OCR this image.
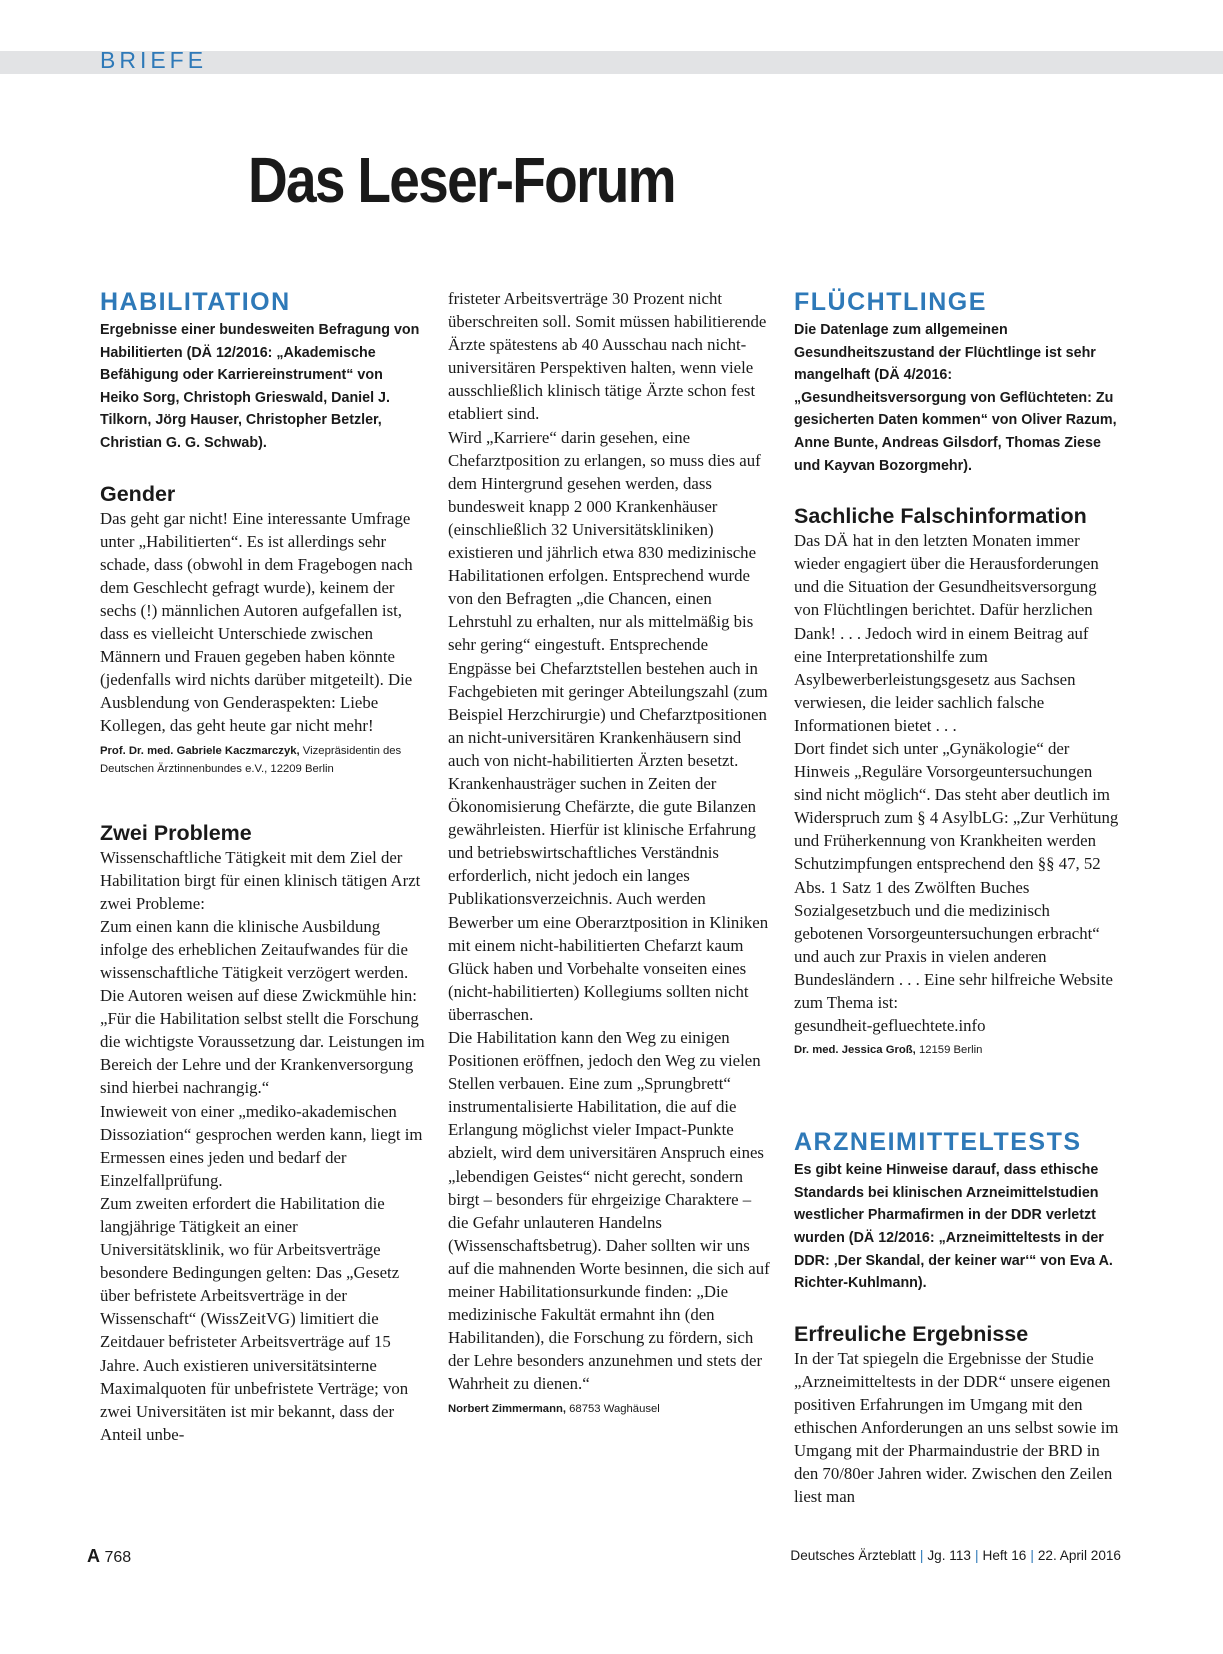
BRIEFE
Das Leser-Forum
HABILITATION

Ergebnisse einer bundesweiten Befragung von Habilitierten (DÄ 12/2016: „Akademische Befähigung oder Karriereinstrument“ von Heiko Sorg, Christoph Grieswald, Daniel J. Tilkorn, Jörg Hauser, Christopher Betzler, Christian G. G. Schwab).

Gender

Das geht gar nicht! Eine interessante Umfrage unter „Habilitierten“. Es ist allerdings sehr schade, dass (obwohl in dem Fragebogen nach dem Geschlecht gefragt wurde), keinem der sechs (!) männlichen Autoren aufgefallen ist, dass es vielleicht Unterschiede zwischen Männern und Frauen gegeben haben könnte (jedenfalls wird nichts darüber mitgeteilt). Die Ausblendung von Genderaspekten: Liebe Kollegen, das geht heute gar nicht mehr!

Prof. Dr. med. Gabriele Kaczmarczyk, Vizepräsidentin des Deutschen Ärztinnenbundes e.V., 12209 Berlin

Zwei Probleme

Wissenschaftliche Tätigkeit mit dem Ziel der Habilitation birgt für einen klinisch tätigen Arzt zwei Probleme:

Zum einen kann die klinische Ausbildung infolge des erheblichen Zeitaufwandes für die wissenschaftliche Tätigkeit verzögert werden. Die Autoren weisen auf diese Zwickmühle hin: „Für die Habilitation selbst stellt die Forschung die wichtigste Voraussetzung dar. Leistungen im Bereich der Lehre und der Krankenversorgung sind hierbei nachrangig.“

Inwieweit von einer „mediko-akademischen Dissoziation“ gesprochen werden kann, liegt im Ermessen eines jeden und bedarf der Einzelfallprüfung.

Zum zweiten erfordert die Habilitation die langjährige Tätigkeit an einer Universitätsklinik, wo für Arbeitsverträge besondere Bedingungen gelten: Das „Gesetz über befristete Arbeitsverträge in der Wissenschaft“ (WissZeitVG) limitiert die Zeitdauer befristeter Arbeitsverträge auf 15 Jahre. Auch existieren universitätsinterne Maximalquoten für unbefristete Verträge; von zwei Universitäten ist mir bekannt, dass der Anteil unbe-

fristeter Arbeitsverträge 30 Prozent nicht überschreiten soll. Somit müssen habilitierende Ärzte spätestens ab 40 Ausschau nach nicht-universitären Perspektiven halten, wenn viele ausschließlich klinisch tätige Ärzte schon fest etabliert sind.

Wird „Karriere“ darin gesehen, eine Chefarztposition zu erlangen, so muss dies auf dem Hintergrund gesehen werden, dass bundesweit knapp 2 000 Krankenhäuser (einschließlich 32 Universitätskliniken) existieren und jährlich etwa 830 medizinische Habilitationen erfolgen. Entsprechend wurde von den Befragten „die Chancen, einen Lehrstuhl zu erhalten, nur als mittelmäßig bis sehr gering“ eingestuft. Entsprechende Engpässe bei Chefarztstellen bestehen auch in Fachgebieten mit geringer Abteilungszahl (zum Beispiel Herzchirurgie) und Chefarztpositionen an nicht-universitären Krankenhäusern sind auch von nicht-habilitierten Ärzten besetzt. Krankenhausträger suchen in Zeiten der Ökonomisierung Chefärzte, die gute Bilanzen gewährleisten. Hierfür ist klinische Erfahrung und betriebswirtschaftliches Verständnis erforderlich, nicht jedoch ein langes Publikationsverzeichnis. Auch werden Bewerber um eine Oberarztposition in Kliniken mit einem nicht-habilitierten Chefarzt kaum Glück haben und Vorbehalte vonseiten eines (nicht-habilitierten) Kollegiums sollten nicht überraschen.

Die Habilitation kann den Weg zu einigen Positionen eröffnen, jedoch den Weg zu vielen Stellen verbauen. Eine zum „Sprungbrett“ instrumentalisierte Habilitation, die auf die Erlangung möglichst vieler Impact-Punkte abzielt, wird dem universitären Anspruch eines „lebendigen Geistes“ nicht gerecht, sondern birgt – besonders für ehrgeizige Charaktere – die Gefahr unlauteren Handelns (Wissenschaftsbetrug). Daher sollten wir uns auf die mahnenden Worte besinnen, die sich auf meiner Habilitationsurkunde finden: „Die medizinische Fakultät ermahnt ihn (den Habilitanden), die Forschung zu fördern, sich der Lehre besonders anzunehmen und stets der Wahrheit zu dienen.“

Norbert Zimmermann, 68753 Waghäusel

FLÜCHTLINGE

Die Datenlage zum allgemeinen Gesundheitszustand der Flüchtlinge ist sehr mangelhaft (DÄ 4/2016: „Gesundheitsversorgung von Geflüchteten: Zu gesicherten Daten kommen“ von Oliver Razum, Anne Bunte, Andreas Gilsdorf, Thomas Ziese und Kayvan Bozorgmehr).

Sachliche Falschinformation

Das DÄ hat in den letzten Monaten immer wieder engagiert über die Herausforderungen und die Situation der Gesundheitsversorgung von Flüchtlingen berichtet. Dafür herzlichen Dank! . . . Jedoch wird in einem Beitrag auf eine Interpretationshilfe zum Asylbewerberleistungsgesetz aus Sachsen verwiesen, die leider sachlich falsche Informationen bietet . . .

Dort findet sich unter „Gynäkologie“ der Hinweis „Reguläre Vorsorgeuntersuchungen sind nicht möglich“. Das steht aber deutlich im Widerspruch zum § 4 AsylbLG: „Zur Verhütung und Früherkennung von Krankheiten werden Schutzimpfungen entsprechend den §§ 47, 52 Abs. 1 Satz 1 des Zwölften Buches Sozialgesetzbuch und die medizinisch gebotenen Vorsorgeuntersuchungen erbracht“ und auch zur Praxis in vielen anderen Bundesländern . . . Eine sehr hilfreiche Website zum Thema ist:

gesundheit-gefluechtete.info

Dr. med. Jessica Groß, 12159 Berlin

ARZNEIMITTELTESTS

Es gibt keine Hinweise darauf, dass ethische Standards bei klinischen Arzneimittelstudien westlicher Pharmafirmen in der DDR verletzt wurden (DÄ 12/2016: „Arzneimitteltests in der DDR: ‚Der Skandal, der keiner war‘“ von Eva A. Richter-Kuhlmann).

Erfreuliche Ergebnisse

In der Tat spiegeln die Ergebnisse der Studie „Arzneimitteltests in der DDR“ unsere eigenen positiven Erfahrungen im Umgang mit den ethischen Anforderungen an uns selbst sowie im Umgang mit der Pharmaindustrie der BRD in den 70/80er Jahren wider. Zwischen den Zeilen liest man

A 768	Deutsches Ärzteblatt | Jg. 113 | Heft 16 | 22. April 2016
